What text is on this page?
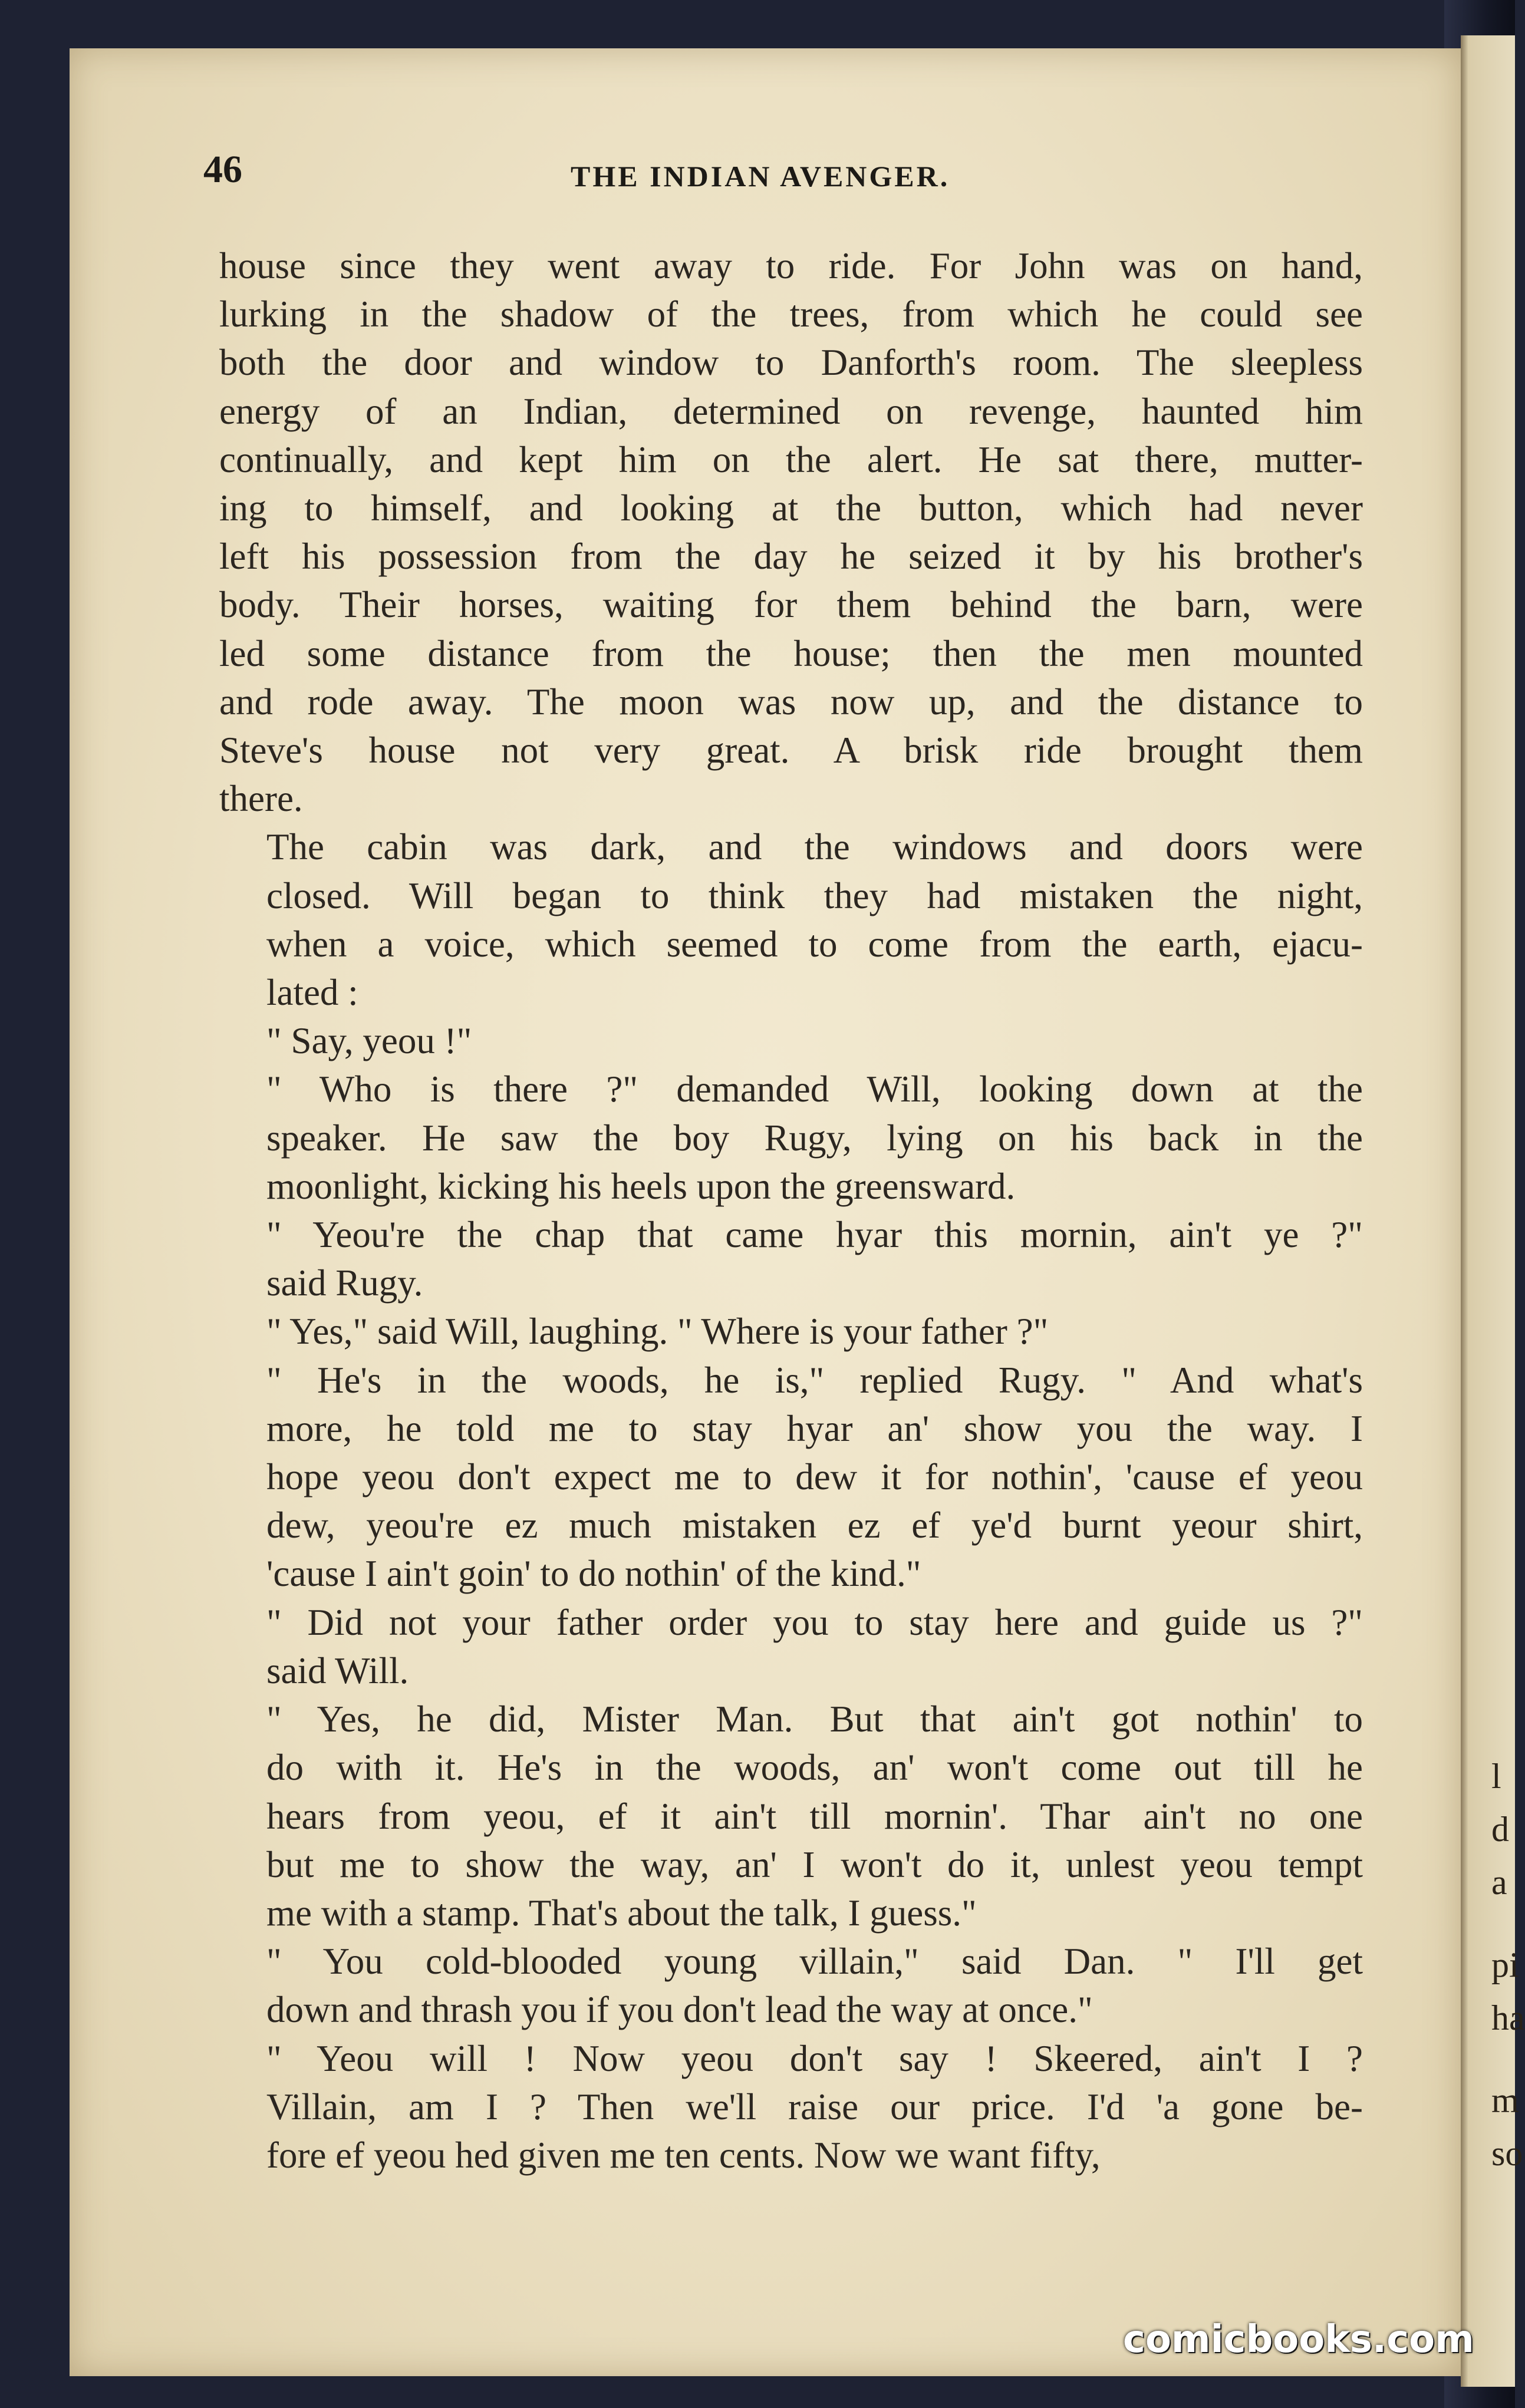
l
d
a
pi
ha
m
so
46	THE INDIAN AVENGER.
house since they went away to ride. For John was on hand,
lurking in the shadow of the trees, from which he could see
both the door and window to Danforth's room. The sleepless
energy of an Indian, determined on revenge, haunted him
continually, and kept him on the alert. He sat there, mutter-
ing to himself, and looking at the button, which had never
left his possession from the day he seized it by his brother's
body. Their horses, waiting for them behind the barn, were
led some distance from the house; then the men mounted
and rode away. The moon was now up, and the distance to
Steve's house not very great. A brisk ride brought them
there.
The cabin was dark, and the windows and doors were
closed. Will began to think they had mistaken the night,
when a voice, which seemed to come from the earth, ejacu-
lated :
" Say, yeou !"
" Who is there ?" demanded Will, looking down at the
speaker. He saw the boy Rugy, lying on his back in the
moonlight, kicking his heels upon the greensward.
" Yeou're the chap that came hyar this mornin, ain't ye ?"
said Rugy.
" Yes," said Will, laughing. " Where is your father ?"
" He's in the woods, he is," replied Rugy. " And what's
more, he told me to stay hyar an' show you the way. I
hope yeou don't expect me to dew it for nothin', 'cause ef yeou
dew, yeou're ez much mistaken ez ef ye'd burnt yeour shirt,
'cause I ain't goin' to do nothin' of the kind."
" Did not your father order you to stay here and guide us ?"
said Will.
" Yes, he did, Mister Man. But that ain't got nothin' to
do with it. He's in the woods, an' won't come out till he
hears from yeou, ef it ain't till mornin'. Thar ain't no one
but me to show the way, an' I won't do it, unlest yeou tempt
me with a stamp. That's about the talk, I guess."
" You cold-blooded young villain," said Dan. " I'll get
down and thrash you if you don't lead the way at once."
" Yeou will ! Now yeou don't say ! Skeered, ain't I ?
Villain, am I ? Then we'll raise our price. I'd 'a gone be-
fore ef yeou hed given me ten cents. Now we want fifty,
comicbooks.com
